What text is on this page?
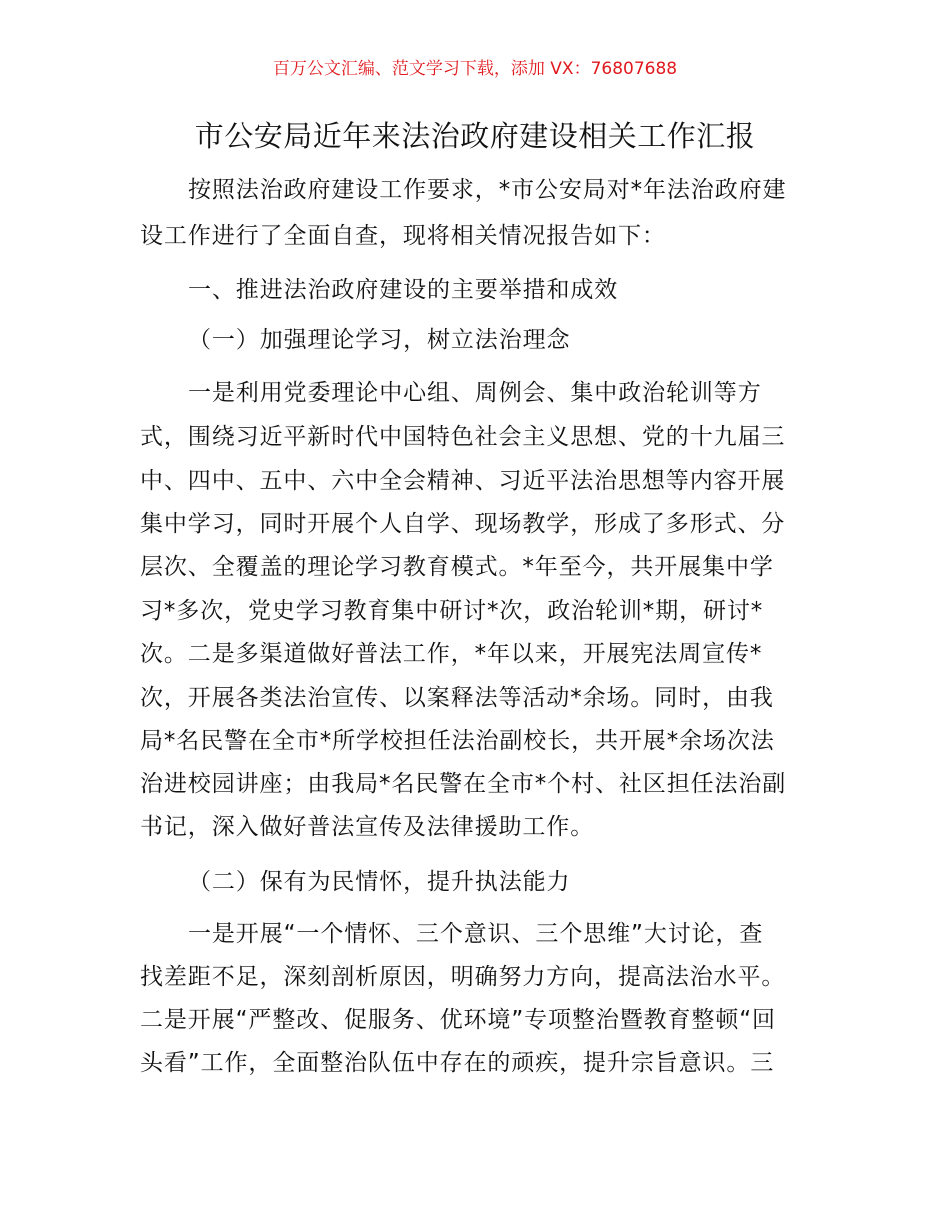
百万公文汇编、范文学习下载，添加 VX：76807688
市公安局近年来法治政府建设相关工作汇报
按照法治政府建设工作要求，*市公安局对*年法治政府建
设工作进行了全面自查，现将相关情况报告如下：
一、推进法治政府建设的主要举措和成效
（一）加强理论学习，树立法治理念
一是利用党委理论中心组、周例会、集中政治轮训等方
式，围绕习近平新时代中国特色社会主义思想、党的十九届三
中、四中、五中、六中全会精神、习近平法治思想等内容开展
集中学习，同时开展个人自学、现场教学，形成了多形式、分
层次、全覆盖的理论学习教育模式。*年至今，共开展集中学
习*多次，党史学习教育集中研讨*次，政治轮训*期，研讨*
次。二是多渠道做好普法工作，*年以来，开展宪法周宣传*
次，开展各类法治宣传、以案释法等活动*余场。同时，由我
局*名民警在全市*所学校担任法治副校长，共开展*余场次法
治进校园讲座；由我局*名民警在全市*个村、社区担任法治副
书记，深入做好普法宣传及法律援助工作。
（二）保有为民情怀，提升执法能力
一是开展“一个情怀、三个意识、三个思维”大讨论，查
找差距不足，深刻剖析原因，明确努力方向，提高法治水平。
二是开展“严整改、促服务、优环境”专项整治暨教育整顿“回
头看”工作，全面整治队伍中存在的顽疾，提升宗旨意识。三
